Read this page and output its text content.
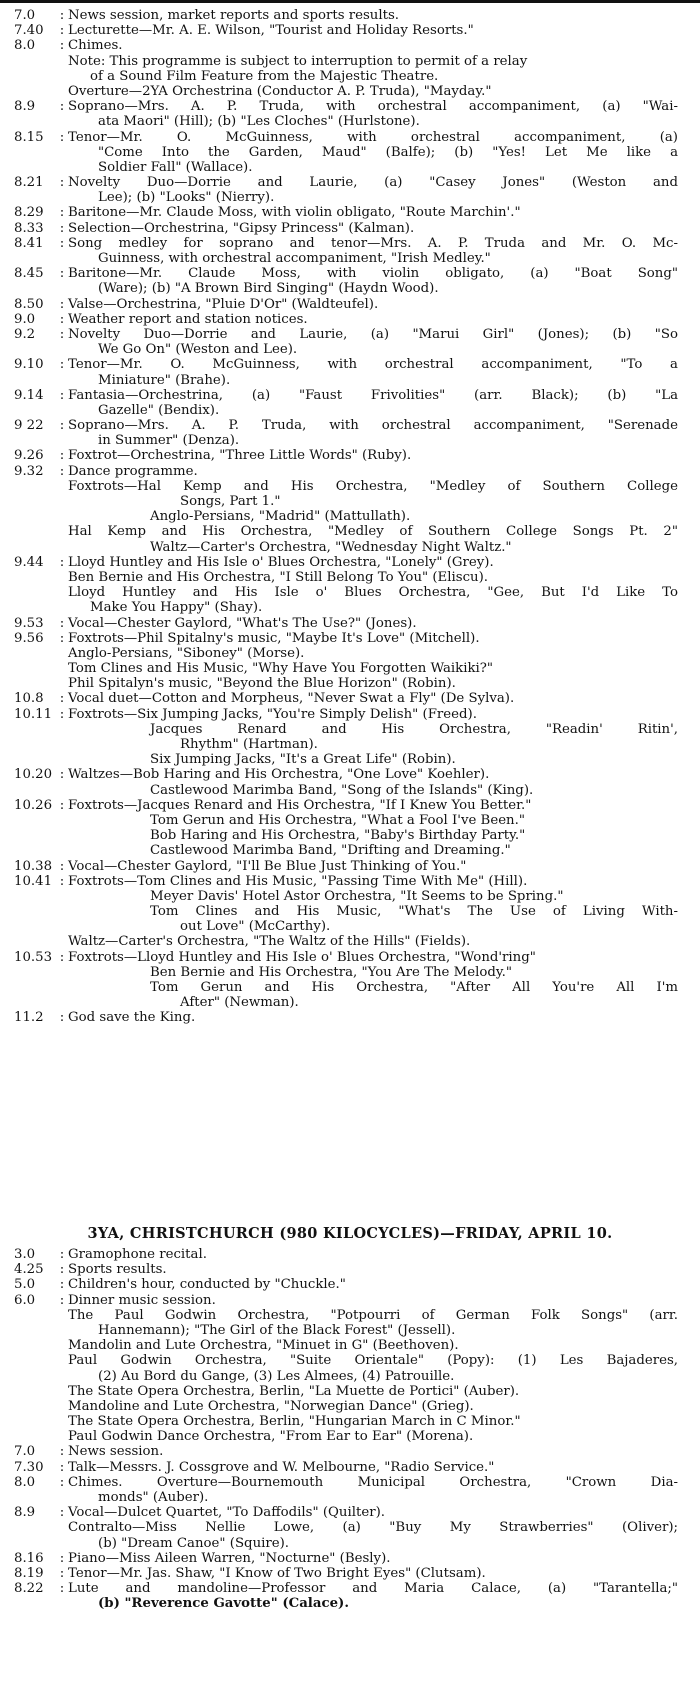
7.0	: News session, market reports and sports results.
7.40	: Lecturette—Mr. A. E. Wilson, "Tourist and Holiday Resorts."
8.0	: Chimes.
Note: This programme is subject to interruption to permit of a relay
of a Sound Film Feature from the Majestic Theatre.
Overture—2YA Orchestrina (Conductor A. P. Truda), "Mayday."
8.9	: Soprano—Mrs. A. P. Truda, with orchestral accompaniment, (a) "Wai-
ata Maori" (Hill); (b) "Les Cloches" (Hurlstone).
8.15	: Tenor—Mr. O. McGuinness, with orchestral accompaniment, (a)
"Come Into the Garden, Maud" (Balfe); (b) "Yes! Let Me like a
Soldier Fall" (Wallace).
8.21	: Novelty Duo—Dorrie and Laurie, (a) "Casey Jones" (Weston and
Lee); (b) "Looks" (Nierry).
8.29	: Baritone—Mr. Claude Moss, with violin obligato, "Route Marchin'."
8.33	: Selection—Orchestrina, "Gipsy Princess" (Kalman).
8.41	: Song medley for soprano and tenor—Mrs. A. P. Truda and Mr. O. Mc-
Guinness, with orchestral accompaniment, "Irish Medley."
8.45	: Baritone—Mr. Claude Moss, with violin obligato, (a) "Boat Song"
(Ware); (b) "A Brown Bird Singing" (Haydn Wood).
8.50	: Valse—Orchestrina, "Pluie D'Or" (Waldteufel).
9.0	: Weather report and station notices.
9.2	: Novelty Duo—Dorrie and Laurie, (a) "Marui Girl" (Jones); (b) "So
We Go On" (Weston and Lee).
9.10	: Tenor—Mr. O. McGuinness, with orchestral accompaniment, "To a
Miniature" (Brahe).
9.14	: Fantasia—Orchestrina, (a) "Faust Frivolities" (arr. Black); (b) "La
Gazelle" (Bendix).
9 22	: Soprano—Mrs. A. P. Truda, with orchestral accompaniment, "Serenade
in Summer" (Denza).
9.26	: Foxtrot—Orchestrina, "Three Little Words" (Ruby).
9.32	: Dance programme.
Foxtrots—Hal Kemp and His Orchestra, "Medley of Southern College
Songs, Part 1."
Anglo-Persians, "Madrid" (Mattullath).
Hal Kemp and His Orchestra, "Medley of Southern College Songs Pt. 2"
Waltz—Carter's Orchestra, "Wednesday Night Waltz."
9.44	: Lloyd Huntley and His Isle o' Blues Orchestra, "Lonely" (Grey).
Ben Bernie and His Orchestra, "I Still Belong To You" (Eliscu).
Lloyd Huntley and His Isle o' Blues Orchestra, "Gee, But I'd Like To
Make You Happy" (Shay).
9.53	: Vocal—Chester Gaylord, "What's The Use?" (Jones).
9.56	: Foxtrots—Phil Spitalny's music, "Maybe It's Love" (Mitchell).
Anglo-Persians, "Siboney" (Morse).
Tom Clines and His Music, "Why Have You Forgotten Waikiki?"
Phil Spitalyn's music, "Beyond the Blue Horizon" (Robin).
10.8	: Vocal duet—Cotton and Morpheus, "Never Swat a Fly" (De Sylva).
10.11 : Foxtrots—Six Jumping Jacks, "You're Simply Delish" (Freed).
Jacques Renard and His Orchestra, "Readin' Ritin',
Rhythm" (Hartman).
Six Jumping Jacks, "It's a Great Life" (Robin).
10.20 : Waltzes—Bob Haring and His Orchestra, "One Love" Koehler).
Castlewood Marimba Band, "Song of the Islands" (King).
10.26 : Foxtrots—Jacques Renard and His Orchestra, "If I Knew You Better."
Tom Gerun and His Orchestra, "What a Fool I've Been."
Bob Haring and His Orchestra, "Baby's Birthday Party."
Castlewood Marimba Band, "Drifting and Dreaming."
10.38 : Vocal—Chester Gaylord, "I'll Be Blue Just Thinking of You."
10.41 : Foxtrots—Tom Clines and His Music, "Passing Time With Me" (Hill).
Meyer Davis' Hotel Astor Orchestra, "It Seems to be Spring."
Tom Clines and His Music, "What's The Use of Living With-
out Love" (McCarthy).
Waltz—Carter's Orchestra, "The Waltz of the Hills" (Fields).
10.53 : Foxtrots—Lloyd Huntley and His Isle o' Blues Orchestra, "Wond'ring"
Ben Bernie and His Orchestra, "You Are The Melody."
Tom Gerun and His Orchestra, "After All You're All I'm
After" (Newman).
11.2	: God save the King.
3YA, CHRISTCHURCH (980 KILOCYCLES)—FRIDAY, APRIL 10.
3.0	: Gramophone recital.
4.25	: Sports results.
5.0	: Children's hour, conducted by "Chuckle."
6.0	: Dinner music session.
The Paul Godwin Orchestra, "Potpourri of German Folk Songs" (arr.
Hannemann); "The Girl of the Black Forest" (Jessell).
Mandolin and Lute Orchestra, "Minuet in G" (Beethoven).
Paul Godwin Orchestra, "Suite Orientale" (Popy): (1) Les Bajaderes,
(2) Au Bord du Gange, (3) Les Almees, (4) Patrouille.
The State Opera Orchestra, Berlin, "La Muette de Portici" (Auber).
Mandoline and Lute Orchestra, "Norwegian Dance" (Grieg).
The State Opera Orchestra, Berlin, "Hungarian March in C Minor."
Paul Godwin Dance Orchestra, "From Ear to Ear" (Morena).
7.0	: News session.
7.30	: Talk—Messrs. J. Cossgrove and W. Melbourne, "Radio Service."
8.0	: Chimes. Overture—Bournemouth Municipal Orchestra, "Crown Dia-
monds" (Auber).
8.9	: Vocal—Dulcet Quartet, "To Daffodils" (Quilter).
Contralto—Miss Nellie Lowe, (a) "Buy My Strawberries" (Oliver);
(b) "Dream Canoe" (Squire).
8.16	: Piano—Miss Aileen Warren, "Nocturne" (Besly).
8.19	: Tenor—Mr. Jas. Shaw, "I Know of Two Bright Eyes" (Clutsam).
8.22	: Lute and mandoline—Professor and Maria Calace, (a) "Tarantella;"
(b) "Reverence Gavotte" (Calace).
